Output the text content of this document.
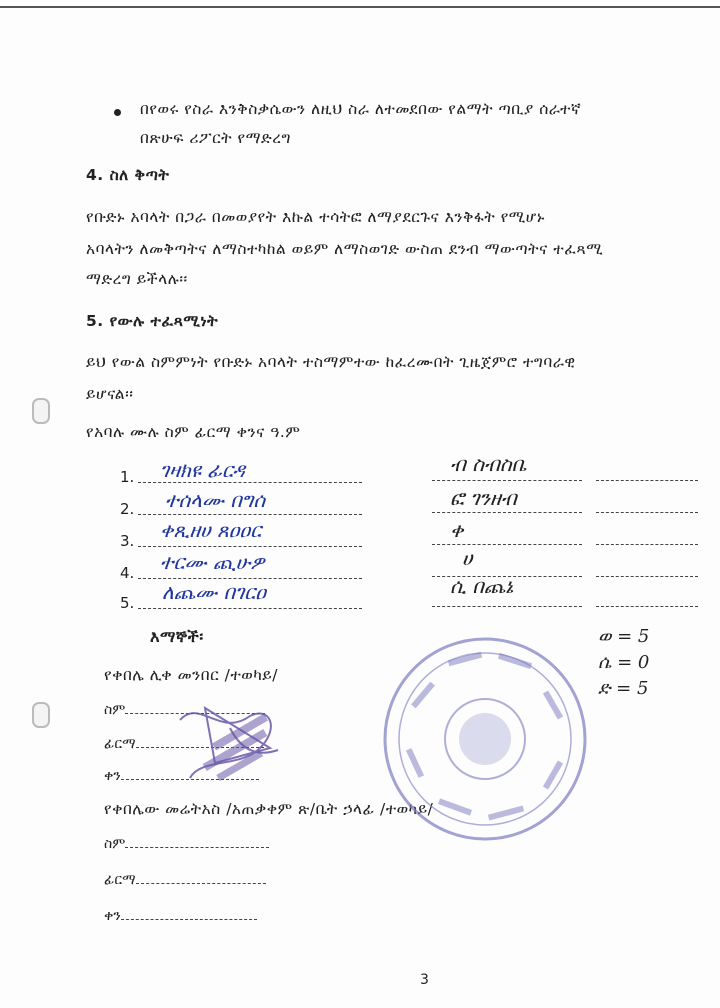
በየወሩ የስራ እንቅስቃሴውን ለዚህ ስራ ለተመደበው የልማት ጣቢያ ሰራተኛ
በጽሁፍ ሪፖርት የማድረግ
4. ስለ ቅጣት
የቡድኑ አባላት በጋራ በመወያየት እኩል ተሳትፎ ለማያደርጉና እንቅፋት የሚሆኑ
አባላትን ለመቅጣትና ለማስተካከል ወይም ለማስወገድ ውስጠ ደንብ ማውጣትና ተፈጻሚ
ማድረግ ይችላሉ፡፡
5. የውሉ ተፈጻሚነት
ይህ የውል ስምምነት የቡድኑ አባላት ተስማምተው ከፈረሙበት ጊዜጀምሮ ተግባራዊ
ይሆናል፡፡
የአባሉ ሙሉ ስም ፊርማ ቀንና ዓ.ም
1. ገዛክዩ ፊርዳ	ብ ስብስቤ
2. ተሰላሙ በግሰ	ፎ ገንዘብ
3. ቀጺዘሀ ጸዐዐር	ቀ
4. ተርሙ ጪሁዎ	ሀ
5. ለጨሙ በገርዐ	ሲ በጨኔ
እማኞች፡
የቀበሌ ሊቀ መንበር /ተወካይ/
ስም
ፊርማ
ቀን
የቀበሌው መሬትአስ /አጠቃቀም ጽ/ቤት ኃላፊ /ተወካይ/
ስም
ፊርማ
ቀን
ወ = 5
ሴ = 0
ድ = 5
3
